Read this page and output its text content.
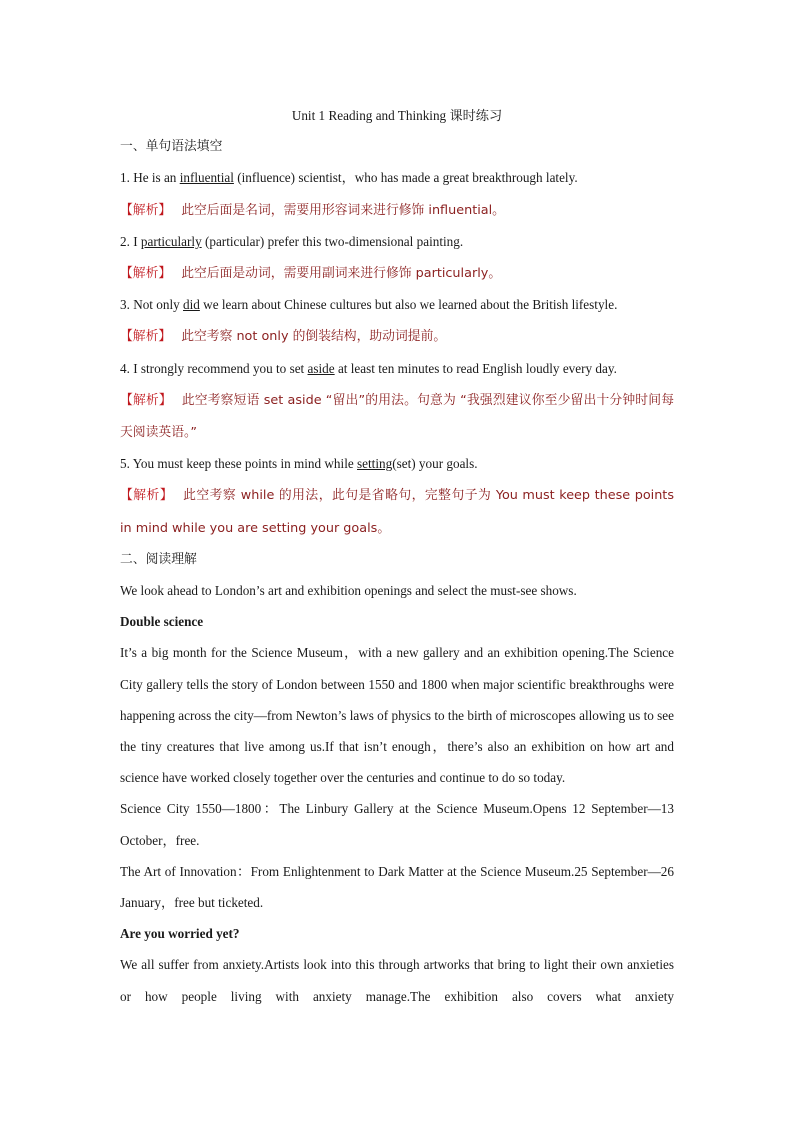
Unit 1 Reading and Thinking 课时练习

一、单句语法填空

1. He is an influential (influence) scientist，who has made a great breakthrough lately.

【解析】 此空后面是名词，需要用形容词来进行修饰 influential。

2. I particularly (particular) prefer this two-dimensional painting.

【解析】 此空后面是动词，需要用副词来进行修饰 particularly。

3. Not only did we learn about Chinese cultures but also we learned about the British lifestyle.

【解析】 此空考察 not only 的倒装结构，助动词提前。

4. I strongly recommend you to set aside at least ten minutes to read English loudly every day.

【解析】 此空考察短语 set aside “留出”的用法。句意为 “我强烈建议你至少留出十分钟时间每天阅读英语。”

5. You must keep these points in mind while setting(set) your goals.

【解析】 此空考察 while 的用法，此句是省略句，完整句子为 You must keep these points in mind while you are setting your goals。

二、阅读理解

We look ahead to London’s art and exhibition openings and select the must-see shows.

Double science

It’s a big month for the Science Museum，with a new gallery and an exhibition opening.The Science City gallery tells the story of London between 1550 and 1800 when major scientific breakthroughs were happening across the city—from Newton’s laws of physics to the birth of microscopes allowing us to see the tiny creatures that live among us.If that isn’t enough，there’s also an exhibition on how art and science have worked closely together over the centuries and continue to do so today.

Science City 1550—1800：The Linbury Gallery at the Science Museum.Opens 12 September—13 October，free.

The Art of Innovation：From Enlightenment to Dark Matter at the Science Museum.25 September—26 January，free but ticketed.

Are you worried yet?

We all suffer from anxiety.Artists look into this through artworks that bring to light their own anxieties or how people living with anxiety manage.The exhibition also covers what anxiety
